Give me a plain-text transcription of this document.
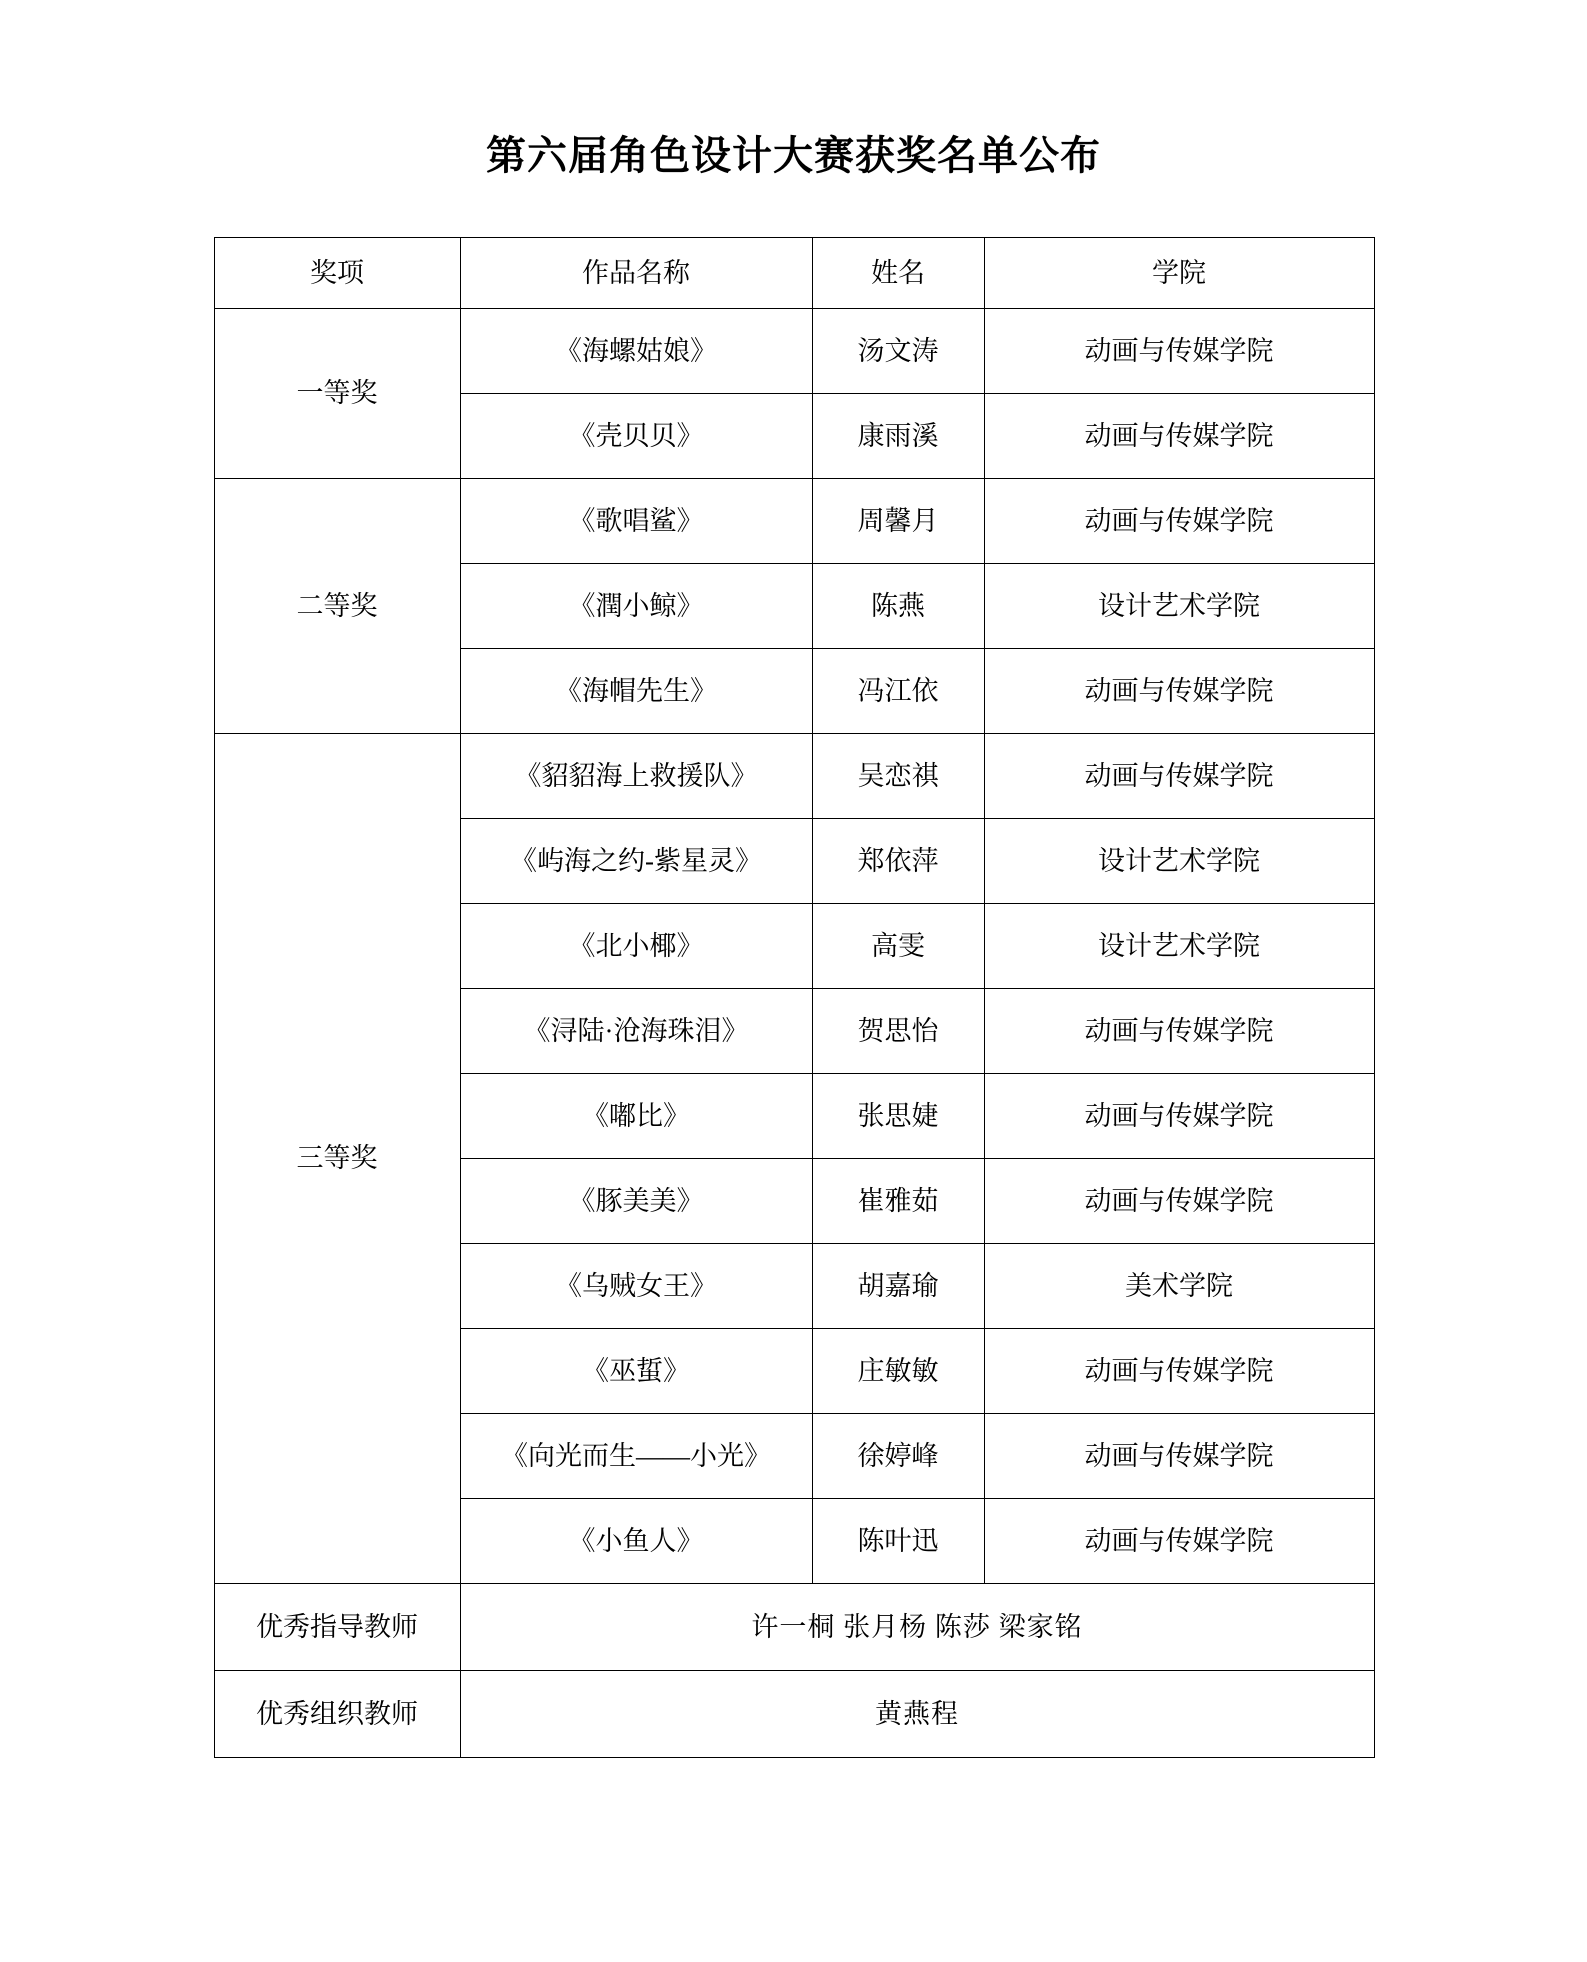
第六届角色设计大赛获奖名单公布
奖项	作品名称	姓名	学院
一等奖	《海螺姑娘》	汤文涛	动画与传媒学院
	《壳贝贝》	康雨溪	动画与传媒学院
二等奖	《歌唱鲨》	周馨月	动画与传媒学院
	《潤小鲸》	陈燕	设计艺术学院
	《海帽先生》	冯江依	动画与传媒学院
三等奖	《貂貂海上救援队》	吴恋祺	动画与传媒学院
	《屿海之约-紫星灵》	郑依萍	设计艺术学院
	《北小椰》	高雯	设计艺术学院
	《浔陆·沧海珠泪》	贺思怡	动画与传媒学院
	《嘟比》	张思婕	动画与传媒学院
	《豚美美》	崔雅茹	动画与传媒学院
	《乌贼女王》	胡嘉瑜	美术学院
	《巫蜇》	庄敏敏	动画与传媒学院
	《向光而生——小光》	徐婷峰	动画与传媒学院
	《小鱼人》	陈叶迅	动画与传媒学院
优秀指导教师	许一桐 张月杨 陈莎 梁家铭		
优秀组织教师	黄燕程		
